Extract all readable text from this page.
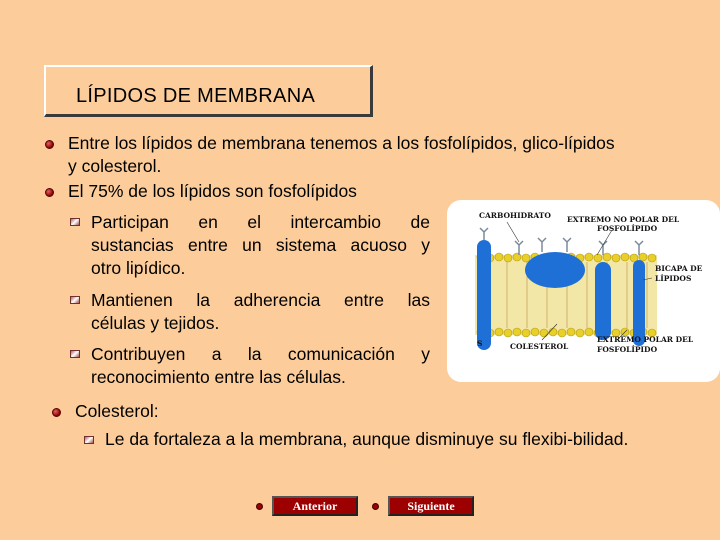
LÍPIDOS DE MEMBRANA
Entre los lípidos de membrana tenemos a los fosfolípidos, glico-lípidos
y colesterol.
El 75% de los lípidos son fosfolípidos
Participan en el intercambio de
sustancias entre un sistema acuoso y
otro lipídico.
Mantienen la adherencia entre las
células y tejidos.
Contribuyen a la comunicación y
reconocimiento entre las células.
Colesterol:
Le da fortaleza a la membrana, aunque disminuye su flexibi-bilidad.
CARBOHIDRATO EXTREMO NO POLAR DEL
FOSFOLÍPIDO
BICAPA DE
LÍPIDOS
S	COLESTEROL
EXTREMO POLAR DEL
FOSFOLÍPIDO
Anterior	Siguiente
